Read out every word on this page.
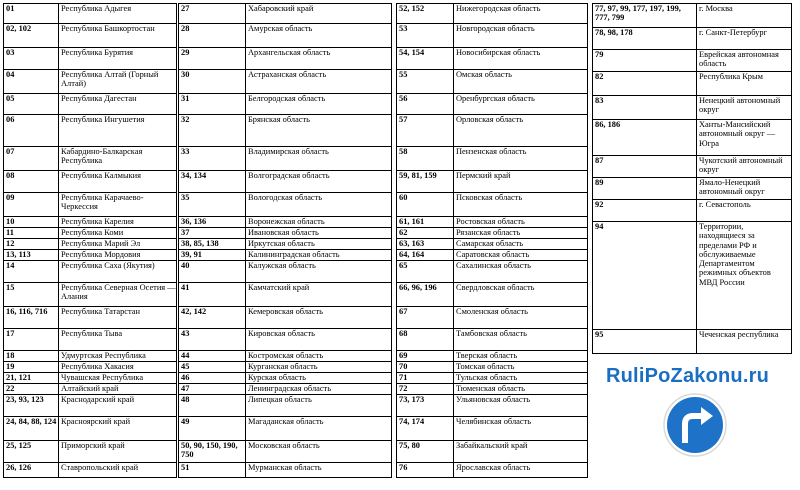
01	Республика Адыгея
02, 102	Республика Башкортостан
03	Республика Бурятия
04	Республика Алтай (Горный Алтай)
05	Республика Дагестан
06	Республика Ингушетия
07	Кабардино-Балкарская Республика
08	Республика Калмыкия
09	Республика Карачаево-Черкессия
10	Республика Карелия
11	Республика Коми
12	Республика Марий Эл
13, 113	Республика Мордовия
14	Республика Саха (Якутия)
15	Республика Северная Осетия — Алания
16, 116, 716	Республика Татарстан
17	Республика Тыва
18	Удмуртская Республика
19	Республика Хакасия
21, 121	Чувашская Республика
22	Алтайский край
23, 93, 123	Краснодарский край
24, 84, 88, 124	Красноярский край
25, 125	Приморский край
26, 126	Ставропольский край
27	Хабаровский край
28	Амурская область
29	Архангельская область
30	Астраханская область
31	Белгородская область
32	Брянская область
33	Владимирская область
34, 134	Волгоградская область
35	Вологодская область
36, 136	Воронежская область
37	Ивановская область
38, 85, 138	Иркутская область
39, 91	Калининградская область
40	Калужская область
41	Камчатский край
42, 142	Кемеровская область
43	Кировская область
44	Костромская область
45	Курганская область
46	Курская область
47	Ленинградская область
48	Липецкая область
49	Магаданская область
50, 90, 150, 190, 750	Московская область
51	Мурманская область
52, 152	Нижегородская область
53	Новгородская область
54, 154	Новосибирская область
55	Омская область
56	Оренбургская область
57	Орловская область
58	Пензенская область
59, 81, 159	Пермский край
60	Псковская область
61, 161	Ростовская область
62	Рязанская область
63, 163	Самарская область
64, 164	Саратовская область
65	Сахалинская область
66, 96, 196	Свердловская область
67	Смоленская область
68	Тамбовская область
69	Тверская область
70	Томская область
71	Тульская область
72	Тюменская область
73, 173	Ульяновская область
74, 174	Челябинская область
75, 80	Забайкальский край
76	Ярославская область
77, 97, 99, 177, 197, 199, 777, 799	г. Москва
78, 98, 178	г. Санкт-Петербург
79	Еврейская автономная область
82	Республика Крым
83	Ненецкий автономный округ
86, 186	Ханты-Мансийский автономный округ — Югра
87	Чукотский автономный округ
89	Ямало-Ненецкий автономный округ
92	г. Севастополь
94	Территории, находящиеся за пределами РФ и обслуживаемые Департаментом режимных объектов МВД России
95	Чеченская республика
RuliPoZakonu.ru
